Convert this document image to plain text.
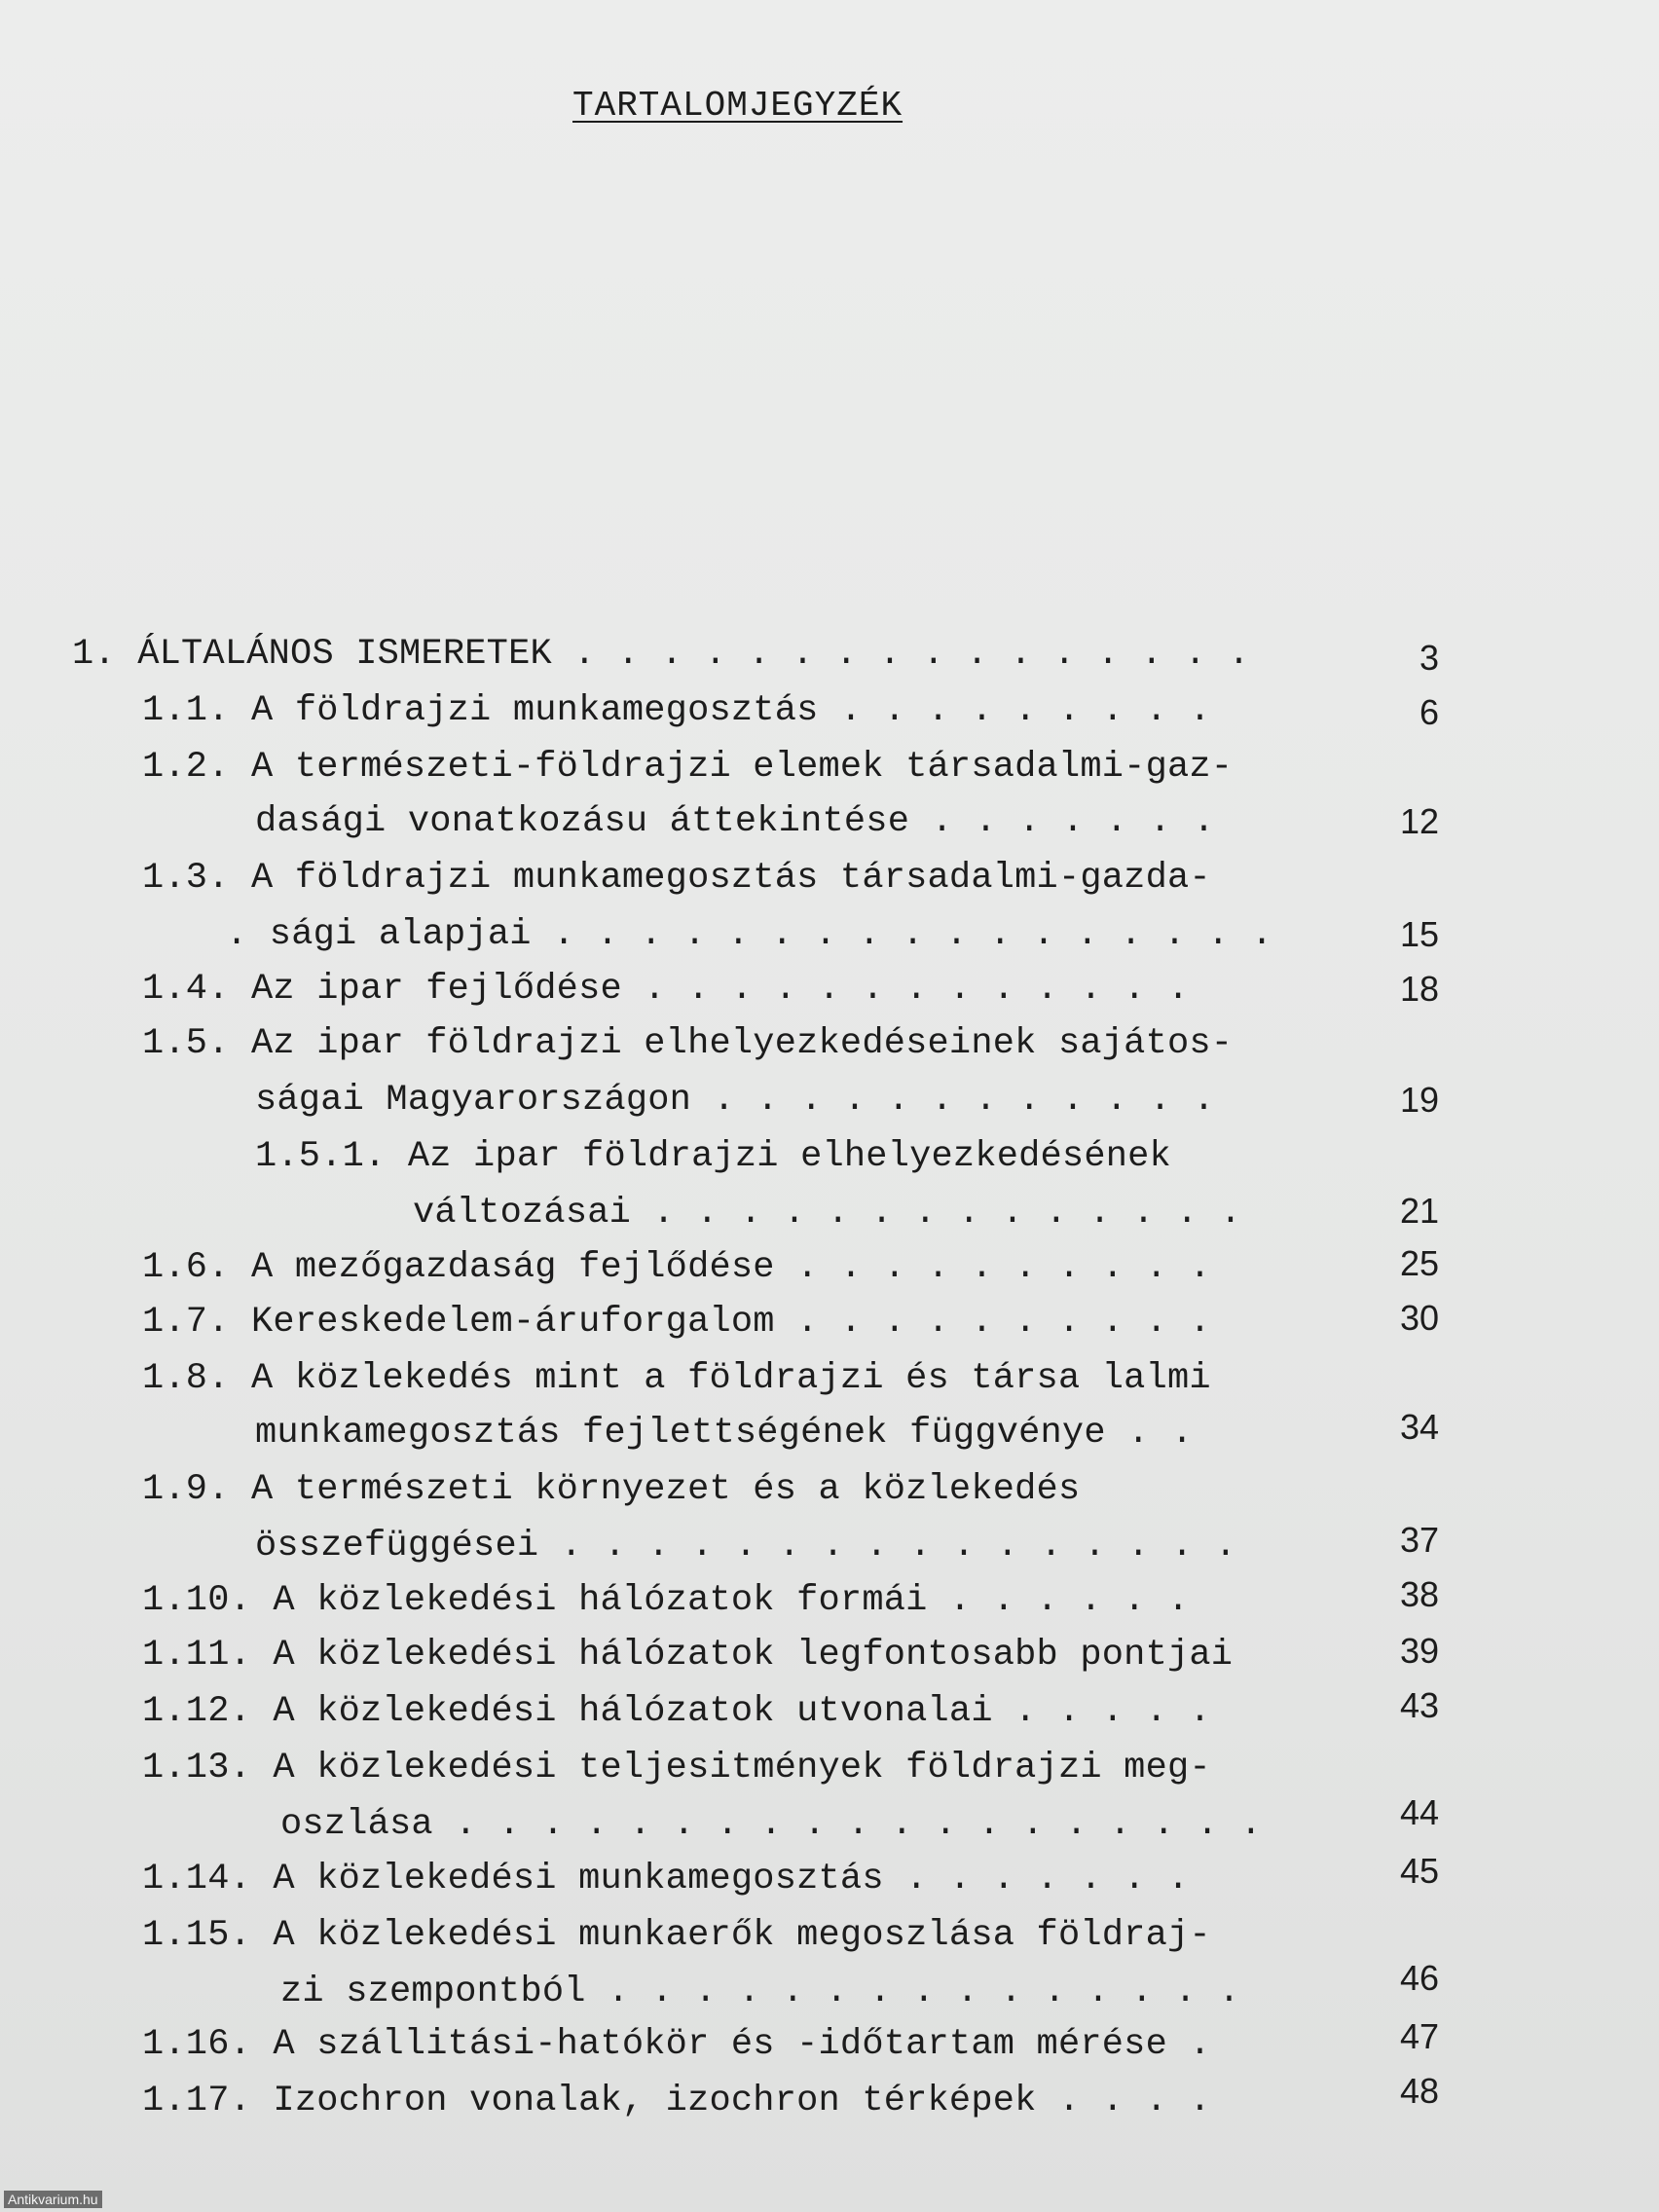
TARTALOMJEGYZÉK
1. ÁLTALÁNOS ISMERETEK . . . . . . . . . . . . . . . .	3
1.1. A földrajzi munkamegosztás . . . . . . . . .	6
1.2. A természeti-földrajzi elemek társadalmi-gaz-
dasági vonatkozásu áttekintése . . . . . . .	12
1.3. A földrajzi munkamegosztás társadalmi-gazda-
. sági alapjai . . . . . . . . . . . . . . . . .	15
1.4. Az ipar fejlődése . . . . . . . . . . . . .	18
1.5. Az ipar földrajzi elhelyezkedéseinek sajátos-
ságai Magyarországon . . . . . . . . . . . .	19
1.5.1. Az ipar földrajzi elhelyezkedésének
változásai . . . . . . . . . . . . . .	21
1.6. A mezőgazdaság fejlődése . . . . . . . . . .	25
1.7. Kereskedelem-áruforgalom . . . . . . . . . .	30
1.8. A közlekedés mint a földrajzi és társa lalmi
munkamegosztás fejlettségének függvénye . .	34
1.9. A természeti környezet és a közlekedés
összefüggései . . . . . . . . . . . . . . . .	37
1.10. A közlekedési hálózatok formái . . . . . .	38
1.11. A közlekedési hálózatok legfontosabb pontjai	39
1.12. A közlekedési hálózatok utvonalai . . . . .	43
1.13. A közlekedési teljesitmények földrajzi meg-
oszlása . . . . . . . . . . . . . . . . . . .	44
1.14. A közlekedési munkamegosztás . . . . . . .	45
1.15. A közlekedési munkaerők megoszlása földraj-
zi szempontból . . . . . . . . . . . . . . .	46
1.16. A szállitási-hatókör és -időtartam mérése .	47
1.17. Izochron vonalak, izochron térképek . . . .	48
Antikvarium.hu
